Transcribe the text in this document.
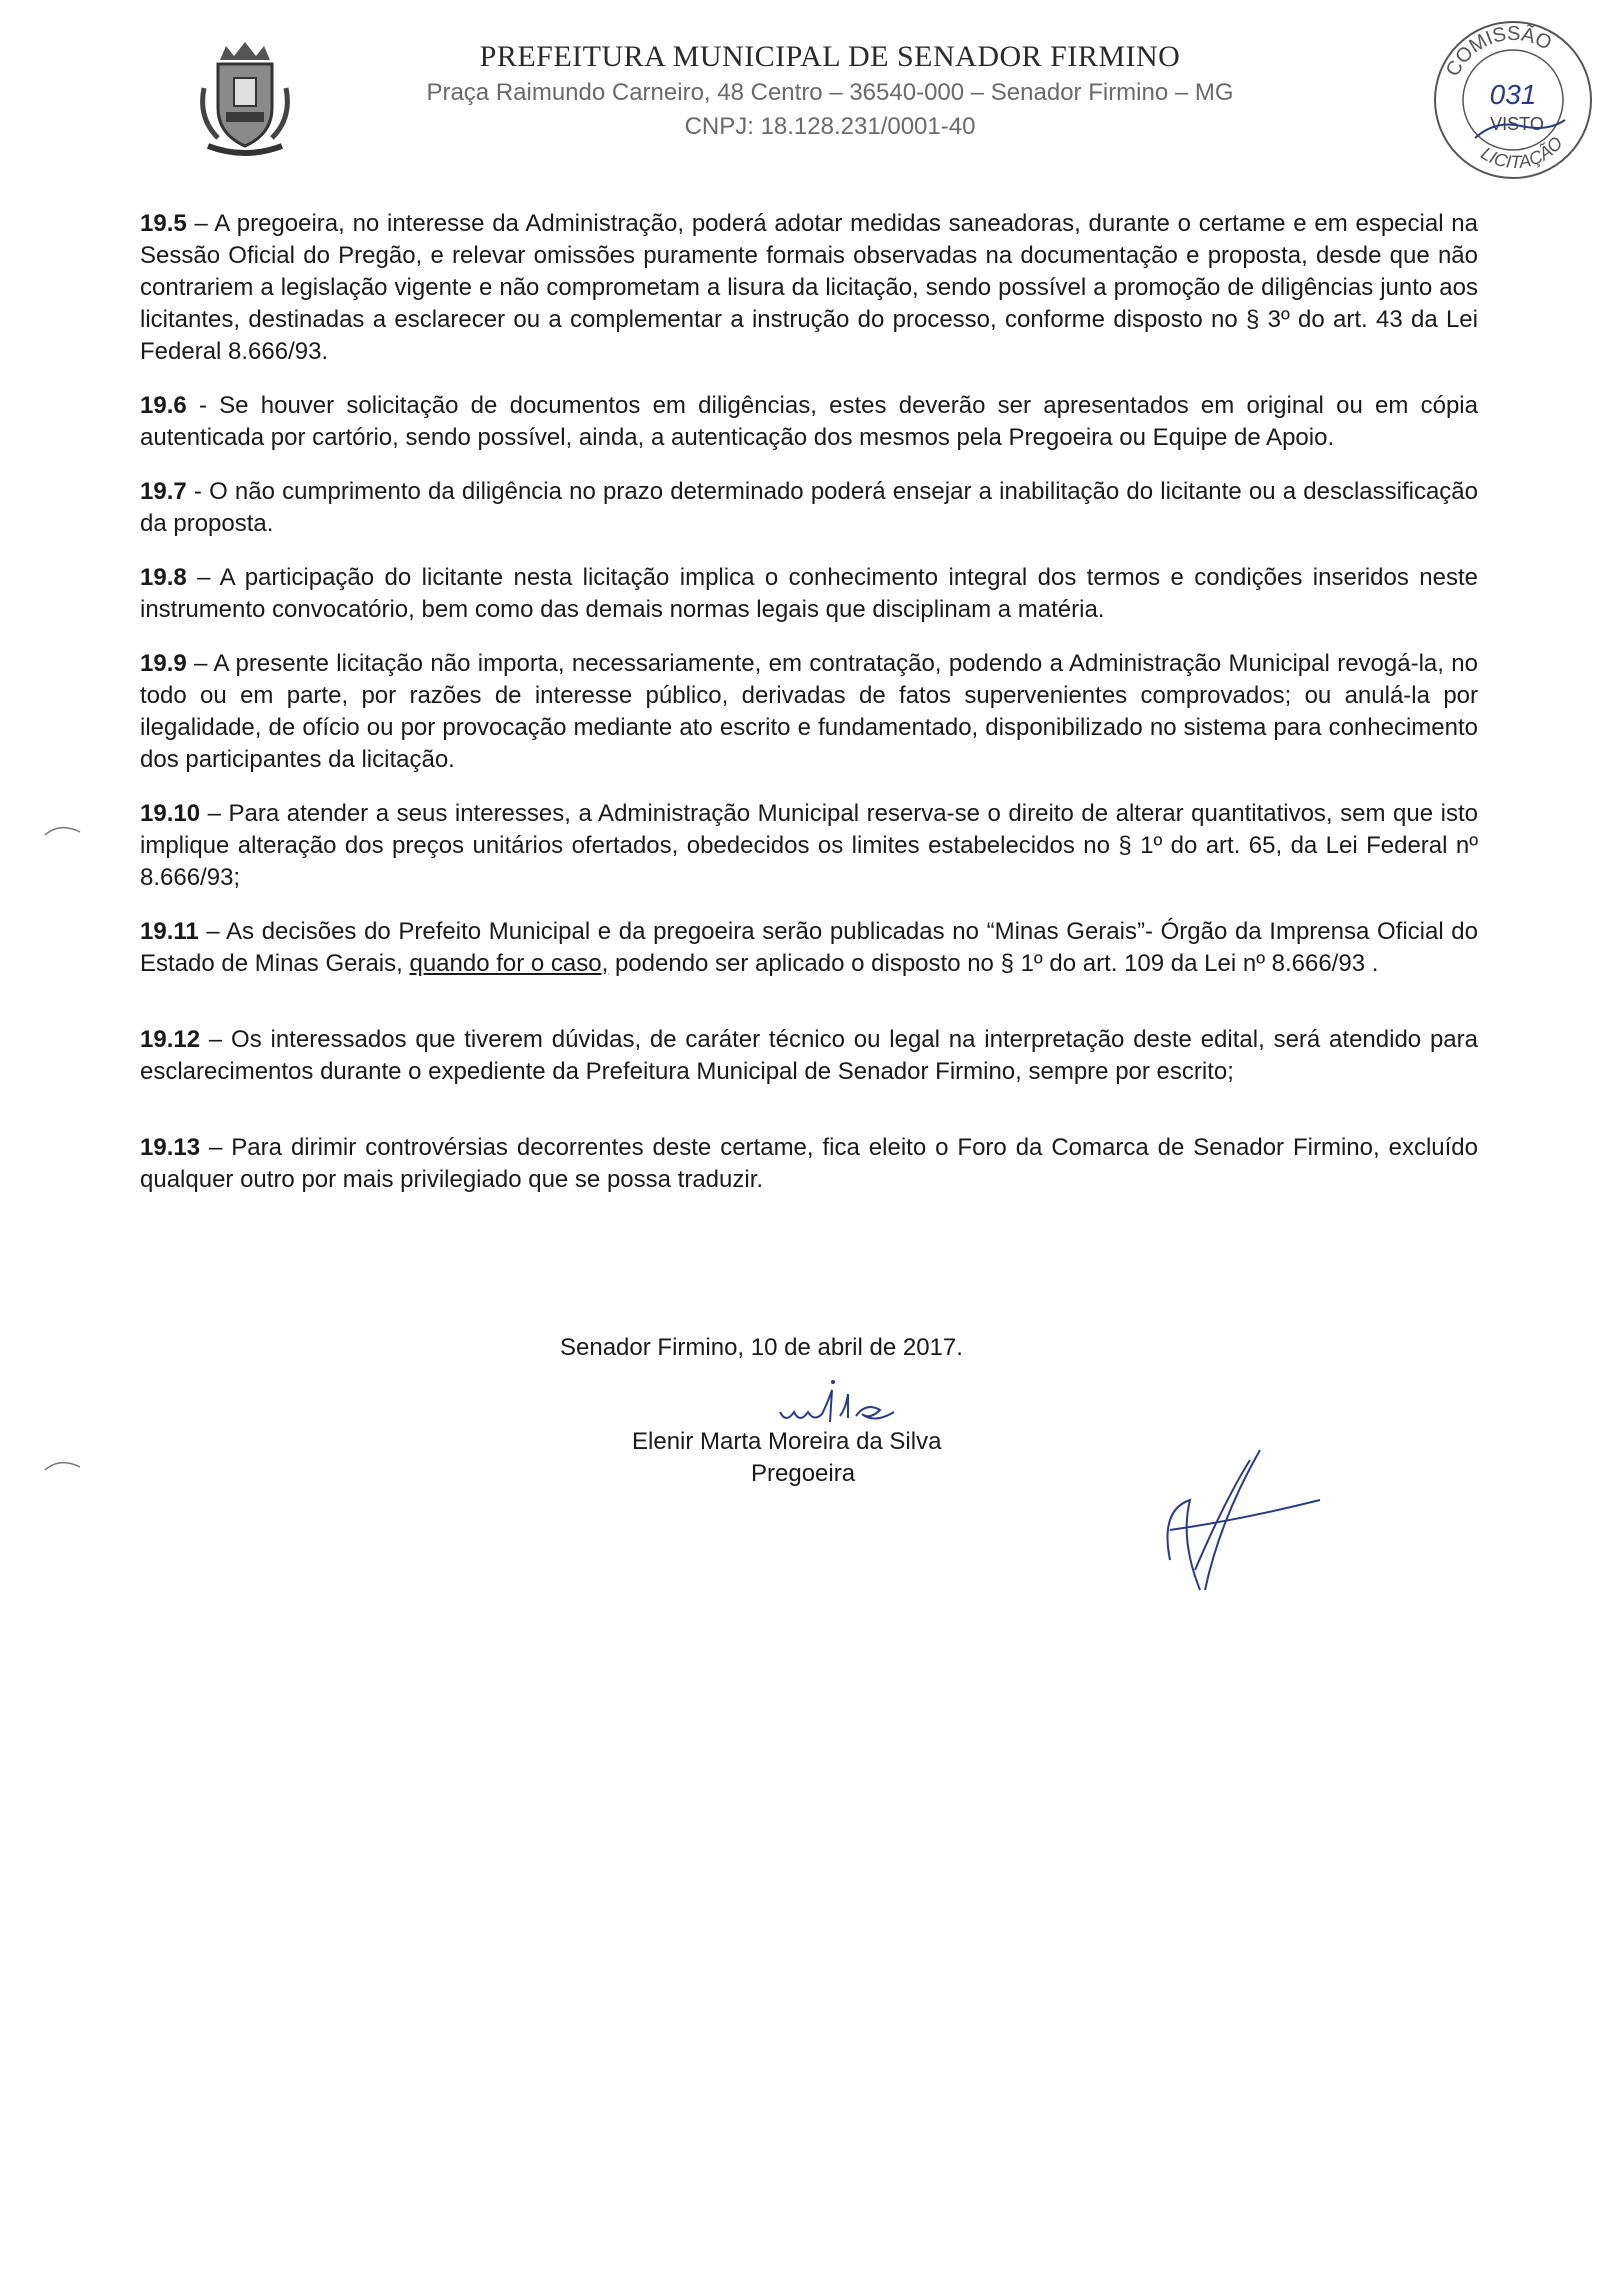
PREFEITURA MUNICIPAL DE SENADOR FIRMINO
Praça Raimundo Carneiro, 48 Centro – 36540-000 – Senador Firmino – MG
CNPJ: 18.128.231/0001-40
COMISSÃO
LICITAÇÃO
031
VISTO

19.5 – A pregoeira, no interesse da Administração, poderá adotar medidas saneadoras, durante o certame e em especial na Sessão Oficial do Pregão, e relevar omissões puramente formais observadas na documentação e proposta, desde que não contrariem a legislação vigente e não comprometam a lisura da licitação, sendo possível a promoção de diligências junto aos licitantes, destinadas a esclarecer ou a complementar a instrução do processo, conforme disposto no § 3º do art. 43 da Lei Federal 8.666/93.

19.6 - Se houver solicitação de documentos em diligências, estes deverão ser apresentados em original ou em cópia autenticada por cartório, sendo possível, ainda, a autenticação dos mesmos pela Pregoeira ou Equipe de Apoio.

19.7 - O não cumprimento da diligência no prazo determinado poderá ensejar a inabilitação do licitante ou a desclassificação da proposta.

19.8 – A participação do licitante nesta licitação implica o conhecimento integral dos termos e condições inseridos neste instrumento convocatório, bem como das demais normas legais que disciplinam a matéria.

19.9 – A presente licitação não importa, necessariamente, em contratação, podendo a Administração Municipal revogá-la, no todo ou em parte, por razões de interesse público, derivadas de fatos supervenientes comprovados; ou anulá-la por ilegalidade, de ofício ou por provocação mediante ato escrito e fundamentado, disponibilizado no sistema para conhecimento dos participantes da licitação.

19.10 – Para atender a seus interesses, a Administração Municipal reserva-se o direito de alterar quantitativos, sem que isto implique alteração dos preços unitários ofertados, obedecidos os limites estabelecidos no § 1º do art. 65, da Lei Federal nº 8.666/93;

19.11 – As decisões do Prefeito Municipal e da pregoeira serão publicadas no “Minas Gerais”- Órgão da Imprensa Oficial do Estado de Minas Gerais, quando for o caso, podendo ser aplicado o disposto no § 1º do art. 109 da Lei nº 8.666/93 .

19.12 – Os interessados que tiverem dúvidas, de caráter técnico ou legal na interpretação deste edital, será atendido para esclarecimentos durante o expediente da Prefeitura Municipal de Senador Firmino, sempre por escrito;

19.13 – Para dirimir controvérsias decorrentes deste certame, fica eleito o Foro da Comarca de Senador Firmino, excluído qualquer outro por mais privilegiado que se possa traduzir.

Senador Firmino, 10 de abril de 2017.
Elenir Marta Moreira da Silva
Pregoeira
